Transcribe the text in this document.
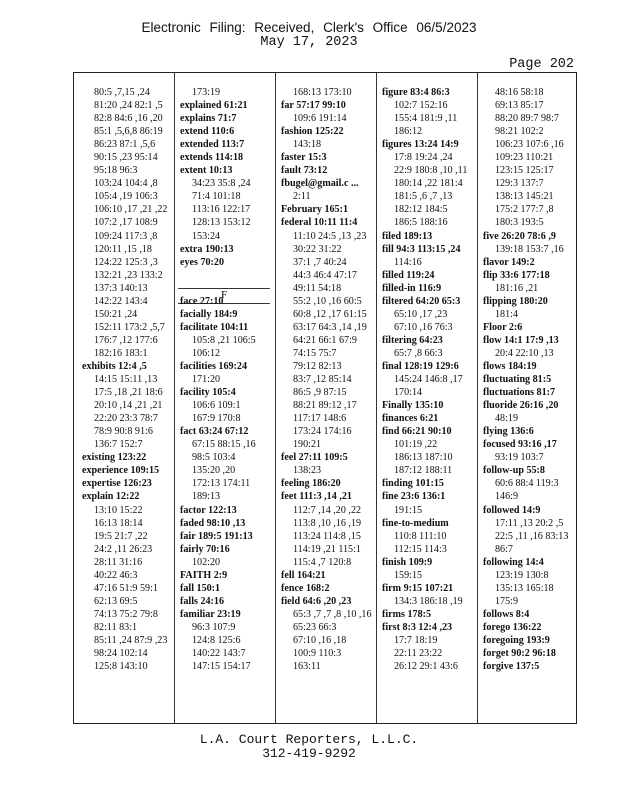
Electronic Filing: Received, Clerk's Office 06/5/2023
May 17, 2023
Page 202
F
80:5 ,7,15 ,24
81:20 ,24 82:1 ,5
82:8 84:6 ,16 ,20
85:1 ,5,6,8 86:19
86:23 87:1 ,5,6
90:15 ,23 95:14
95:18 96:3
103:24 104:4 ,8
105:4 ,19 106:3
106:10 ,17 ,21 ,22
107:2 ,17 108:9
109:24 117:3 ,8
120:11 ,15 ,18
124:22 125:3 ,3
132:21 ,23 133:2
137:3 140:13
142:22 143:4
150:21 ,24
152:11 173:2 ,5,7
176:7 ,12 177:6
182:16 183:1
exhibits 12:4 ,5
14:15 15:11 ,13
17:5 ,18 ,21 18:6
20:10 ,14 ,21 ,21
22:20 23:3 78:7
78:9 90:8 91:6
136:7 152:7
existing 123:22
experience 109:15
expertise 126:23
explain 12:22
13:10 15:22
16:13 18:14
19:5 21:7 ,22
24:2 ,11 26:23
28:11 31:16
40:22 46:3
47:16 51:9 59:1
62:13 69:5
74:13 75:2 79:8
82:11 83:1
85:11 ,24 87:9 ,23
98:24 102:14
125:8 143:10
173:19
explained 61:21
explains 71:7
extend 110:6
extended 113:7
extends 114:18
extent 10:13
34:23 35:8 ,24
71:4 101:18
113:16 122:17
128:13 153:12
153:24
extra 190:13
eyes 70:20

face 27:10
facially 184:9
facilitate 104:11
105:8 ,21 106:5
106:12
facilities 169:24
171:20
facility 105:4
106:6 109:1
167:9 170:8
fact 63:24 67:12
67:15 88:15 ,16
98:5 103:4
135:20 ,20
172:13 174:11
189:13
factor 122:13
faded 98:10 ,13
fair 189:5 191:13
fairly 70:16
102:20
FAITH 2:9
fall 150:1
falls 24:16
familiar 23:19
96:3 107:9
124:8 125:6
140:22 143:7
147:15 154:17
168:13 173:10
far 57:17 99:10
109:6 191:14
fashion 125:22
143:18
faster 15:3
fault 73:12
fbugel@gmail.c ...
2:11
February 165:1
federal 10:11 11:4
11:10 24:5 ,13 ,23
30:22 31:22
37:1 ,7 40:24
44:3 46:4 47:17
49:11 54:18
55:2 ,10 ,16 60:5
60:8 ,12 ,17 61:15
63:17 64:3 ,14 ,19
64:21 66:1 67:9
74:15 75:7
79:12 82:13
83:7 ,12 85:14
86:5 ,9 87:15
88:21 89:12 ,17
117:17 148:6
173:24 174:16
190:21
feel 27:11 109:5
138:23
feeling 186:20
feet 111:3 ,14 ,21
112:7 ,14 ,20 ,22
113:8 ,10 ,16 ,19
113:24 114:8 ,15
114:19 ,21 115:1
115:4 ,7 120:8
fell 164:21
fence 168:2
field 64:6 ,20 ,23
65:3 ,7 ,7 ,8 ,10 ,16
65:23 66:3
67:10 ,16 ,18
100:9 110:3
163:11
figure 83:4 86:3
102:7 152:16
155:4 181:9 ,11
186:12
figures 13:24 14:9
17:8 19:24 ,24
22:9 180:8 ,10 ,11
180:14 ,22 181:4
181:5 ,6 ,7 ,13
182:12 184:5
186:5 188:16
filed 189:13
fill 94:3 113:15 ,24
114:16
filled 119:24
filled-in 116:9
filtered 64:20 65:3
65:10 ,17 ,23
67:10 ,16 76:3
filtering 64:23
65:7 ,8 66:3
final 128:19 129:6
145:24 146:8 ,17
170:14
Finally 135:10
finances 6:21
find 66:21 90:10
101:19 ,22
186:13 187:10
187:12 188:11
finding 101:15
fine 23:6 136:1
191:15
fine-to-medium
110:8 111:10
112:15 114:3
finish 109:9
159:15
firm 9:15 107:21
134:3 186:18 ,19
firms 178:5
first 8:3 12:4 ,23
17:7 18:19
22:11 23:22
26:12 29:1 43:6
48:16 58:18
69:13 85:17
88:20 89:7 98:7
98:21 102:2
106:23 107:6 ,16
109:23 110:21
123:15 125:17
129:3 137:7
138:13 145:21
175:2 177:7 ,8
180:3 193:5
five 26:20 78:6 ,9
139:18 153:7 ,16
flavor 149:2
flip 33:6 177:18
181:16 ,21
flipping 180:20
181:4
Floor 2:6
flow 14:1 17:9 ,13
20:4 22:10 ,13
flows 184:19
fluctuating 81:5
fluctuations 81:7
fluoride 26:16 ,20
48:19
flying 136:6
focused 93:16 ,17
93:19 103:7
follow-up 55:8
60:6 88:4 119:3
146:9
followed 14:9
17:11 ,13 20:2 ,5
22:5 ,11 ,16 83:13
86:7
following 14:4
123:19 130:8
135:13 165:18
175:9
follows 8:4
forego 136:22
foregoing 193:9
forget 90:2 96:18
forgive 137:5
L.A. Court Reporters, L.L.C.
312-419-9292
